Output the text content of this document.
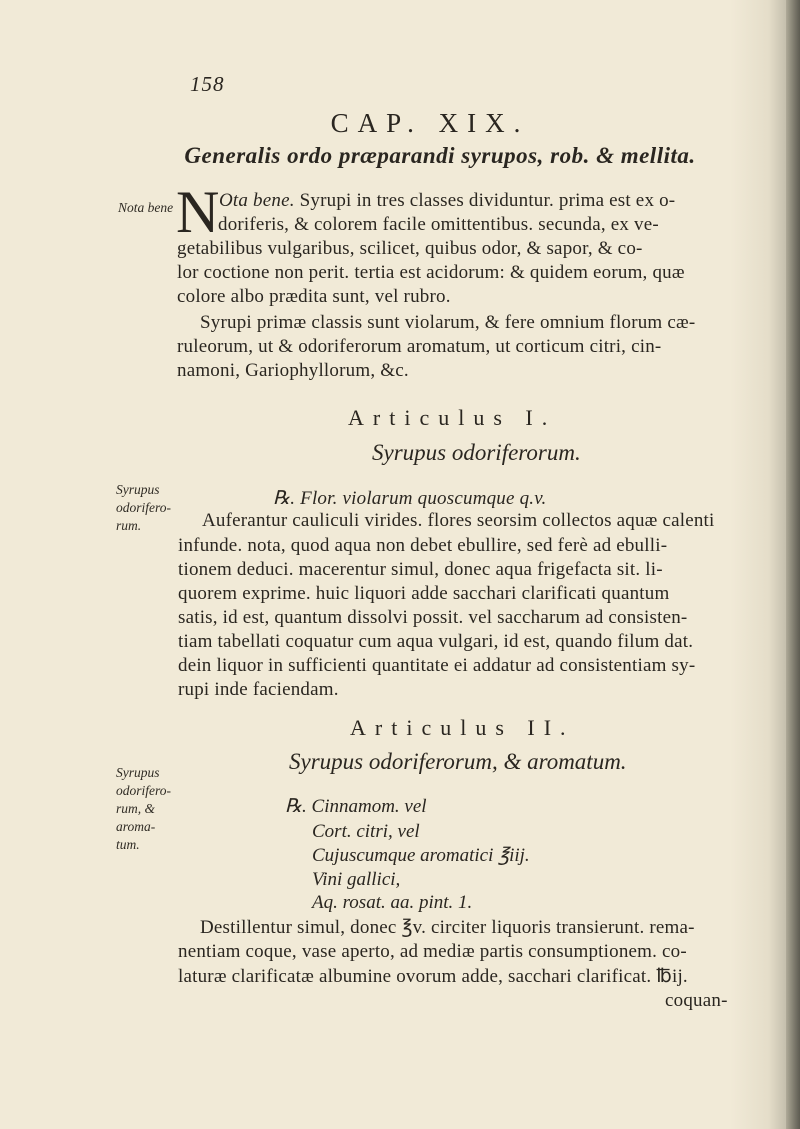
158
CAP. XIX.
Generalis ordo præparandi syrupos, rob. & mellita.
Nota bene
Syrupus
odorifero-
rum.
Syrupus
odorifero-
rum, &
aroma-
tum.
N Ota bene. Syrupi in tres classes dividuntur. prima est ex o-
doriferis, & colorem facile omittentibus. secunda, ex ve-
getabilibus vulgaribus, scilicet, quibus odor, & sapor, & co-
lor coctione non perit. tertia est acidorum: & quidem eorum, quæ
colore albo prædita sunt, vel rubro.
Syrupi primæ classis sunt violarum, & fere omnium florum cæ-
ruleorum, ut & odoriferorum aromatum, ut corticum citri, cin-
namoni, Gariophyllorum, &c.
Articulus I.
Syrupus odoriferorum.
℞. Flor. violarum quoscumque q.v.
Auferantur cauliculi virides. flores seorsim collectos aquæ calenti
infunde. nota, quod aqua non debet ebullire, sed ferè ad ebulli-
tionem deduci. macerentur simul, donec aqua frigefacta sit. li-
quorem exprime. huic liquori adde sacchari clarificati quantum
satis, id est, quantum dissolvi possit. vel saccharum ad consisten-
tiam tabellati coquatur cum aqua vulgari, id est, quando filum dat.
dein liquor in sufficienti quantitate ei addatur ad consistentiam sy-
rupi inde faciendam.
Articulus II.
Syrupus odoriferorum, & aromatum.
℞. Cinnamom. vel
Cort. citri, vel
Cujuscumque aromatici ℥iij.
Vini gallici,
Aq. rosat. aa. pint. 1.
Destillentur simul, donec ℥v. circiter liquoris transierunt. rema-
nentiam coque, vase aperto, ad mediæ partis consumptionem. co-
laturæ clarificatæ albumine ovorum adde, sacchari clarificat. ℔ij.
coquan-
